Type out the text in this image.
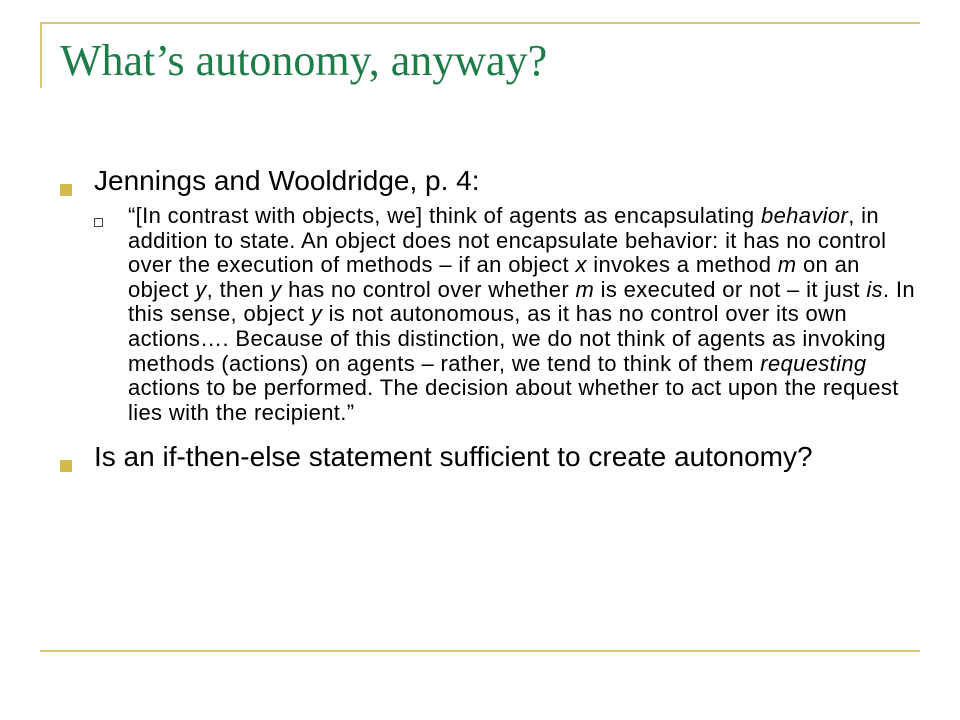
What’s autonomy, anyway?
Jennings and Wooldridge, p. 4:
“[In contrast with objects, we] think of agents as encapsulating behavior, in addition to state. An object does not encapsulate behavior: it has no control over the execution of methods – if an object x invokes a method m on an object y, then y has no control over whether m is executed or not – it just is. In this sense, object y is not autonomous, as it has no control over its own actions…. Because of this distinction, we do not think of agents as invoking methods (actions) on agents – rather, we tend to think of them requesting actions to be performed. The decision about whether to act upon the request lies with the recipient.”
Is an if-then-else statement sufficient to create autonomy?
